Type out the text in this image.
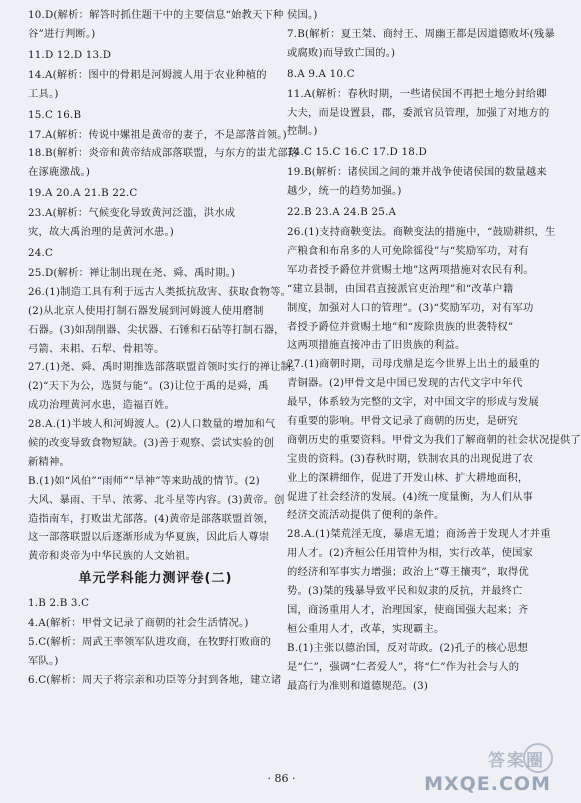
10.D(解析：解答时抓住题干中的主要信息“始教天下种
谷”进行判断。)
11.D 12.D 13.D
14.A(解析：图中的骨耜是河姆渡人用于农业种植的
工具。)
15.C 16.B
17.A(解析：传说中嫘祖是黄帝的妻子，不是部落首领。)
18.B(解析：炎帝和黄帝结成部落联盟，与东方的蚩尤部落
在涿鹿激战。)
19.A 20.A 21.B 22.C
23.A(解析：气候变化导致黄河泛滥，洪水成
灾，故大禹治理的是黄河水患。)
24.C
25.D(解析：禅让制出现在尧、舜、禹时期。)
26.(1)制造工具有利于远古人类抵抗敌害、获取食物等。
(2)从北京人使用打制石器发展到河姆渡人使用磨制
石器。(3)如刮削器、尖状器、石锤和石砧等打制石器，
弓箭、耒耜、石犁、骨耜等。
27.(1)尧、舜、禹时期推选部落联盟首领时实行的禅让制。
(2)“天下为公，选贤与能”。(3)让位于禹的是舜，禹
成功治理黄河水患，造福百姓。
28.A.(1)半坡人和河姆渡人。(2)人口数量的增加和气
候的改变导致食物短缺。(3)善于观察、尝试实验的创
新精神。
B.(1)如“风伯”“雨师”“旱神”等来助战的情节。(2)
大风、暴雨、干旱、浓雾、北斗星等内容。(3)黄帝。创
造指南车，打败蚩尤部落。(4)黄帝是部落联盟首领，
这一部落联盟以后逐渐形成为华夏族，因此后人尊崇
黄帝和炎帝为中华民族的人文始祖。
单元学科能力测评卷(二)
1.B 2.B 3.C
4.A(解析：甲骨文记录了商朝的社会生活情况。)
5.C(解析：周武王率领军队进攻商，在牧野打败商的
军队。)
6.C(解析：周天子将宗亲和功臣等分封到各地，建立诸
侯国。)
7.B(解析：夏王桀、商纣王、周幽王都是因道德败坏(残暴
或腐败)而导致亡国的。)
8.A 9.A 10.C
11.A(解析：春秋时期，一些诸侯国不再把土地分封给卿
大夫，而是设置县，郡，委派官员管理，加强了对地方的
控制。)
14.C 15.C 16.C 17.D 18.D
19.B(解析：诸侯国之间的兼并战争使诸侯国的数量越来
越少，统一的趋势加强。)
22.B 23.A 24.B 25.A
26.(1)支持商鞅变法。商鞅变法的措施中，“鼓励耕织，生
产粮食和布帛多的人可免除徭役”与“奖励军功，对有
军功者授予爵位并赏赐土地”这两项措施对农民有利。
“建立县制，由国君直接派官吏治理”和“改革户籍
制度，加强对人口的管理”。(3)“奖励军功，对有军功
者授予爵位并赏赐土地”和“废除贵族的世袭特权”
这两项措施直接冲击了旧贵族的利益。
27.(1)商朝时期，司母戊鼎是迄今世界上出土的最重的
青铜器。(2)甲骨文是中国已发现的古代文字中年代
最早，体系较为完整的文字，对中国文字的形成与发展
有重要的影响。甲骨文记录了商朝的历史，是研究
商朝历史的重要资料。甲骨文为我们了解商朝的社会状况提供了
宝贵的资料。(3)春秋时期，铁制农具的出现促进了农
业上的深耕细作，促进了开发山林、扩大耕地面积，
促进了社会经济的发展。(4)统一度量衡，为人们从事
经济交流活动提供了便利的条件。
28.A.(1)桀荒淫无度，暴虐无道；商汤善于发现人才并重
用人才。(2)齐桓公任用管仲为相，实行改革，使国家
的经济和军事实力增强；政治上“尊王攘夷”，取得优
势。(3)桀的残暴导致平民和奴隶的反抗，并最终亡
国，商汤重用人才，治理国家，使商国强大起来；齐
桓公重用人才，改革，实现霸主。
B.(1)主张以德治国，反对苛政。(2)孔子的核心思想
是“仁”，强调“仁者爱人”，将“仁”作为社会与人的
最高行为准则和道德规范。(3)
· 86 ·
答案圈
MXQE.COM
